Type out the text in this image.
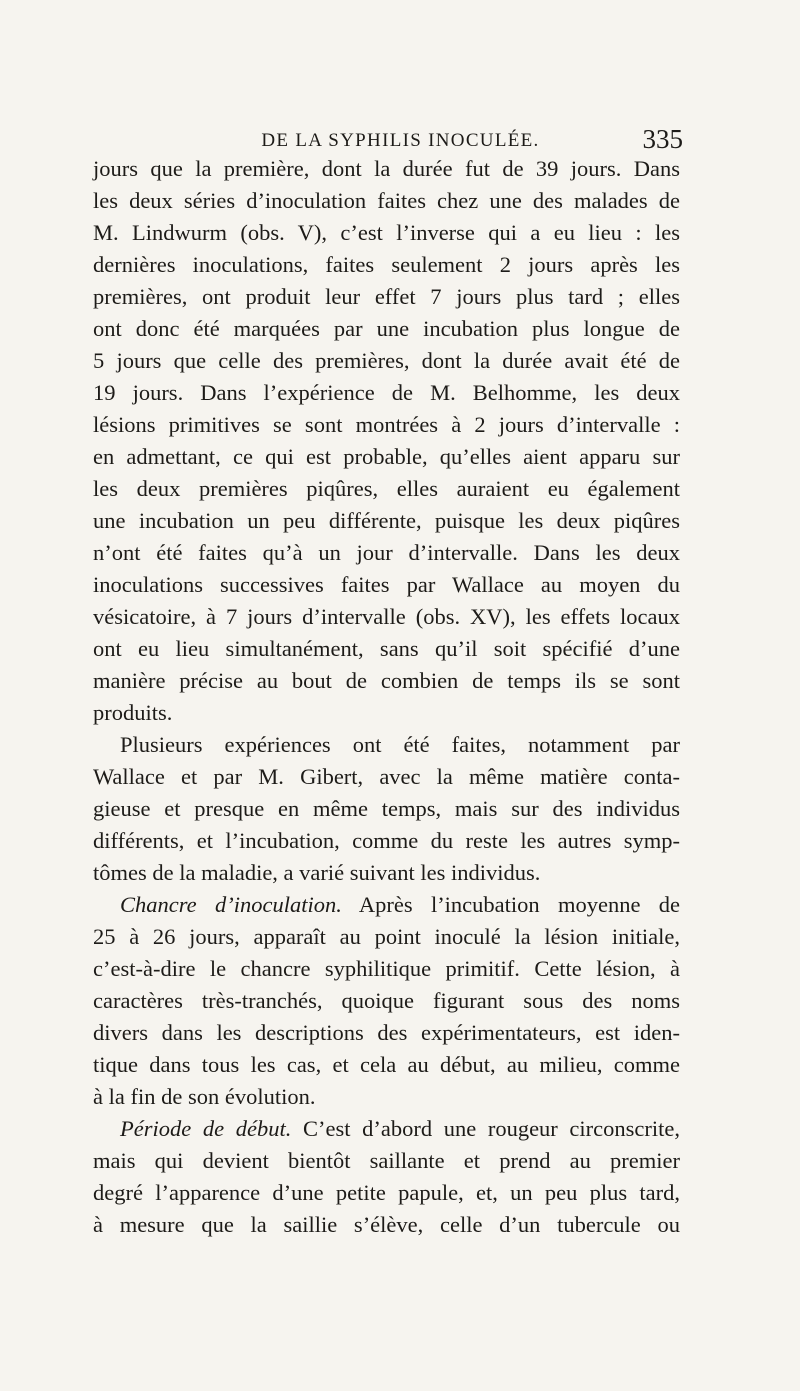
DE LA SYPHILIS INOCULÉE.	335
jours que la première, dont la durée fut de 39 jours. Dans
les deux séries d’inoculation faites chez une des malades de
M. Lindwurm (obs. V), c’est l’inverse qui a eu lieu : les
dernières inoculations, faites seulement 2 jours après les
premières, ont produit leur effet 7 jours plus tard ; elles
ont donc été marquées par une incubation plus longue de
5 jours que celle des premières, dont la durée avait été de
19 jours. Dans l’expérience de M. Belhomme, les deux
lésions primitives se sont montrées à 2 jours d’intervalle :
en admettant, ce qui est probable, qu’elles aient apparu sur
les deux premières piqûres, elles auraient eu également
une incubation un peu différente, puisque les deux piqûres
n’ont été faites qu’à un jour d’intervalle. Dans les deux
inoculations successives faites par Wallace au moyen du
vésicatoire, à 7 jours d’intervalle (obs. XV), les effets locaux
ont eu lieu simultanément, sans qu’il soit spécifié d’une
manière précise au bout de combien de temps ils se sont
produits.
Plusieurs expériences ont été faites, notamment par
Wallace et par M. Gibert, avec la même matière conta-
gieuse et presque en même temps, mais sur des individus
différents, et l’incubation, comme du reste les autres symp-
tômes de la maladie, a varié suivant les individus.
Chancre d’inoculation. Après l’incubation moyenne de
25 à 26 jours, apparaît au point inoculé la lésion initiale,
c’est-à-dire le chancre syphilitique primitif. Cette lésion, à
caractères très-tranchés, quoique figurant sous des noms
divers dans les descriptions des expérimentateurs, est iden-
tique dans tous les cas, et cela au début, au milieu, comme
à la fin de son évolution.
Période de début. C’est d’abord une rougeur circonscrite,
mais qui devient bientôt saillante et prend au premier
degré l’apparence d’une petite papule, et, un peu plus tard,
à mesure que la saillie s’élève, celle d’un tubercule ou
